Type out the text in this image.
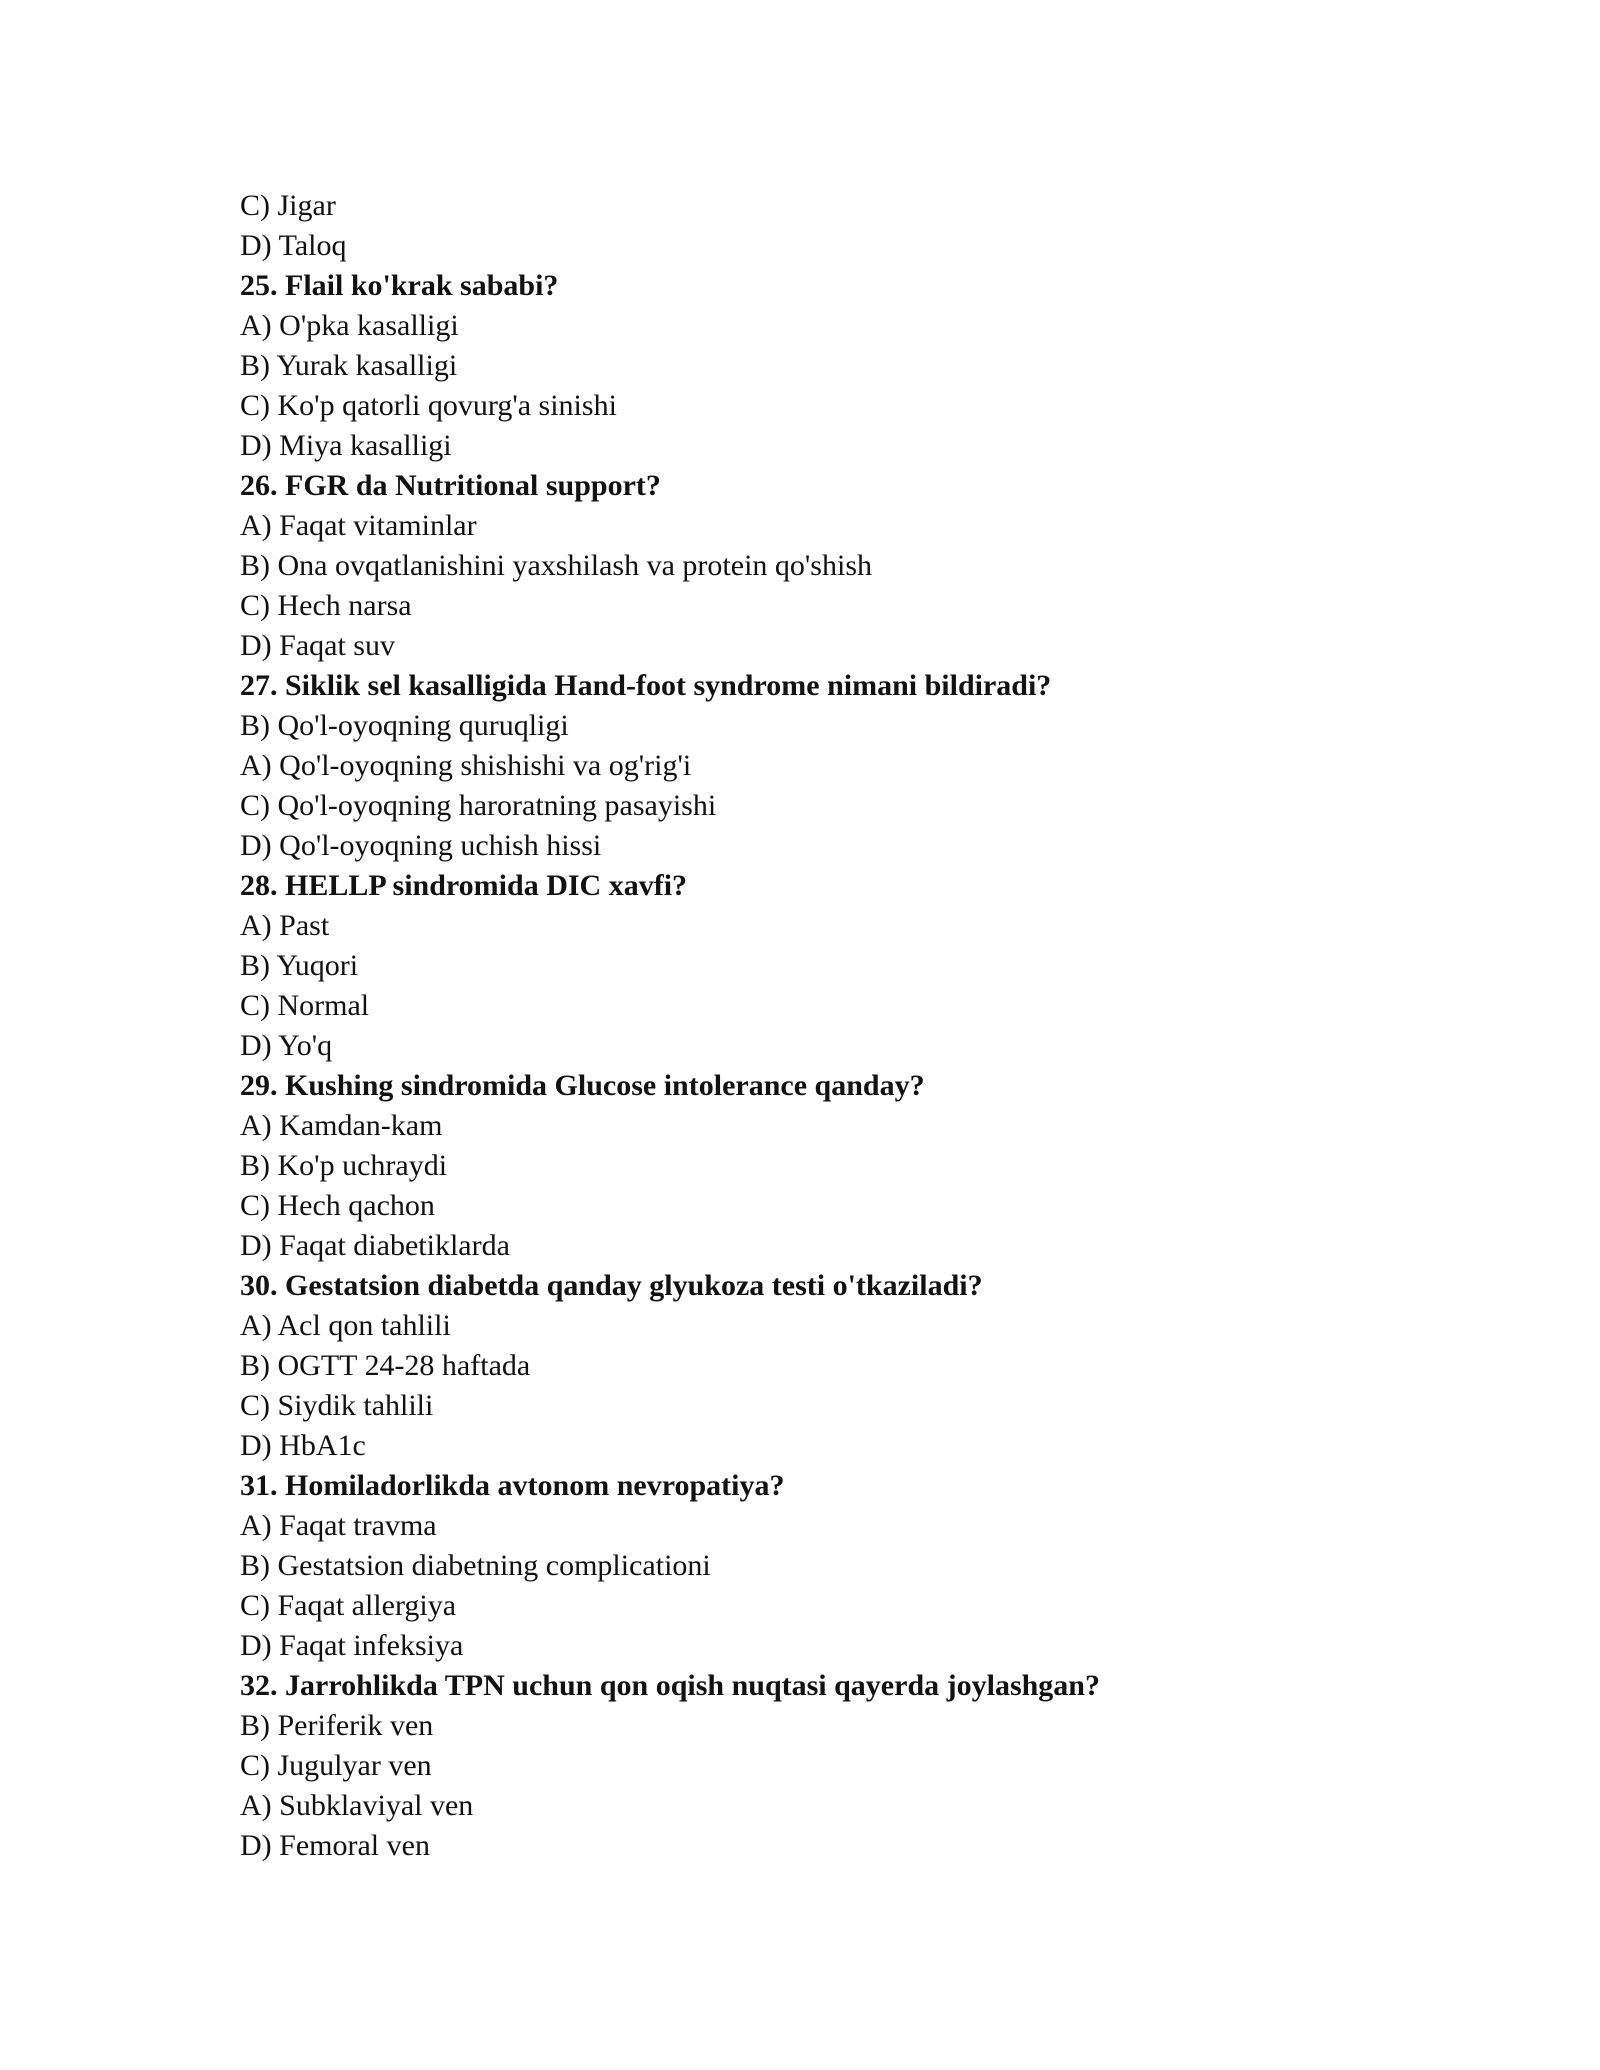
C) Jigar
D) Taloq
25. Flail ko'krak sababi?
A) O'pka kasalligi
B) Yurak kasalligi
C) Ko'p qatorli qovurg'a sinishi
D) Miya kasalligi
26. FGR da Nutritional support?
A) Faqat vitaminlar
B) Ona ovqatlanishini yaxshilash va protein qo'shish
C) Hech narsa
D) Faqat suv
27. Siklik sel kasalligida Hand-foot syndrome nimani bildiradi?
B) Qo'l-oyoqning quruqligi
A) Qo'l-oyoqning shishishi va og'rig'i
C) Qo'l-oyoqning haroratning pasayishi
D) Qo'l-oyoqning uchish hissi
28. HELLP sindromida DIC xavfi?
A) Past
B) Yuqori
C) Normal
D) Yo'q
29. Kushing sindromida Glucose intolerance qanday?
A) Kamdan-kam
B) Ko'p uchraydi
C) Hech qachon
D) Faqat diabetiklarda
30. Gestatsion diabetda qanday glyukoza testi o'tkaziladi?
A) Acl qon tahlili
B) OGTT 24-28 haftada
C) Siydik tahlili
D) HbA1c
31. Homiladorlikda avtonom nevropatiya?
A) Faqat travma
B) Gestatsion diabetning complicationi
C) Faqat allergiya
D) Faqat infeksiya
32. Jarrohlikda TPN uchun qon oqish nuqtasi qayerda joylashgan?
B) Periferik ven
C) Jugulyar ven
A) Subklaviyal ven
D) Femoral ven
